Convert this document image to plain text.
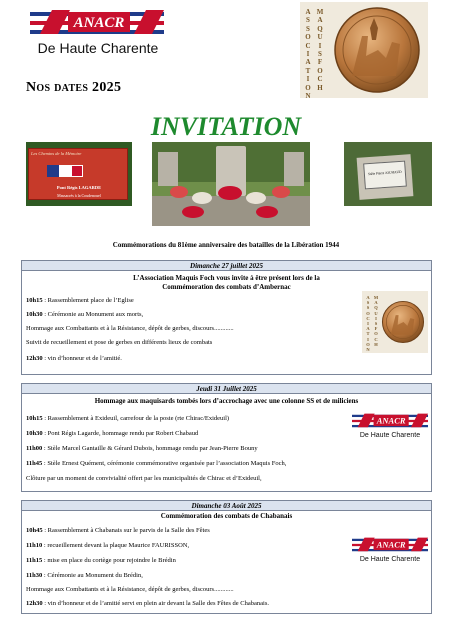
ANACR
De Haute Charente
Nos dates 2025
A
S
S
O
C
I
A
T
I
O
N
M
A
Q
U
I
S
F
O
C
H
INVITATION
Les Chemins de la Mémoire
Pont Régis LAGARDE
Massacrés à la Coudenouel
Stèle Pierre JOUHAUD
Commémorations du 81ème anniversaire des batailles de la Libération 1944
Dimanche 27 juillet 2025
L’Association Maquis Foch vous invite à être présent lors de la
Commémoration des combats d’Ambernac
10h15 : Rassemblement place de l’Eglise
10h30 : Cérémonie au Monument aux morts,
Hommage aux Combattants et à la Résistance, dépôt de gerbes, discours............
Suivit de recueillement et pose de gerbes en différents lieux de combats
12h30 : vin d’honneur et de l’amitié.
A
S
S
O
C
I
A
T
I
O
N
M
A
Q
U
I
S
F
O
C
H
Jeudi 31 Juillet 2025
Hommage aux maquisards tombés lors d’accrochage avec une colonne SS et de miliciens
10h15 : Rassemblement à Exideuil, carrefour de la poste (rte Chirac/Exideuil)
10h30 : Pont Régis Lagarde, hommage rendu par Robert Chabaud
11h00 : Stèle Marcel Gantaille & Gérard Dubois, hommage rendu par Jean-Pierre Bouny
11h45 : Stèle Ernest Quément, cérémonie commémorative organisée par l’association Maquis Foch,
Clôture par un moment de convivialité offert par les municipalités de Chirac et d’Exideuil,
ANACR
De Haute Charente
Dimanche 03 Août 2025
Commémoration des combats de Chabanais
10h45 : Rassemblement à Chabanais sur le parvis de la Salle des Fêtes
11h10 : recueillement devant la plaque Maurice FAURISSON,
11h15 : mise en place du cortège pour rejoindre le Brédin
11h30 : Cérémonie au Monument du Brédin,
Hommage aux Combattants et à la Résistance, dépôt de gerbes, discours............
12h30 : vin d’honneur et de l’amitié servi en plein air devant la Salle des Fêtes de Chabanais.
ANACR
De Haute Charente
